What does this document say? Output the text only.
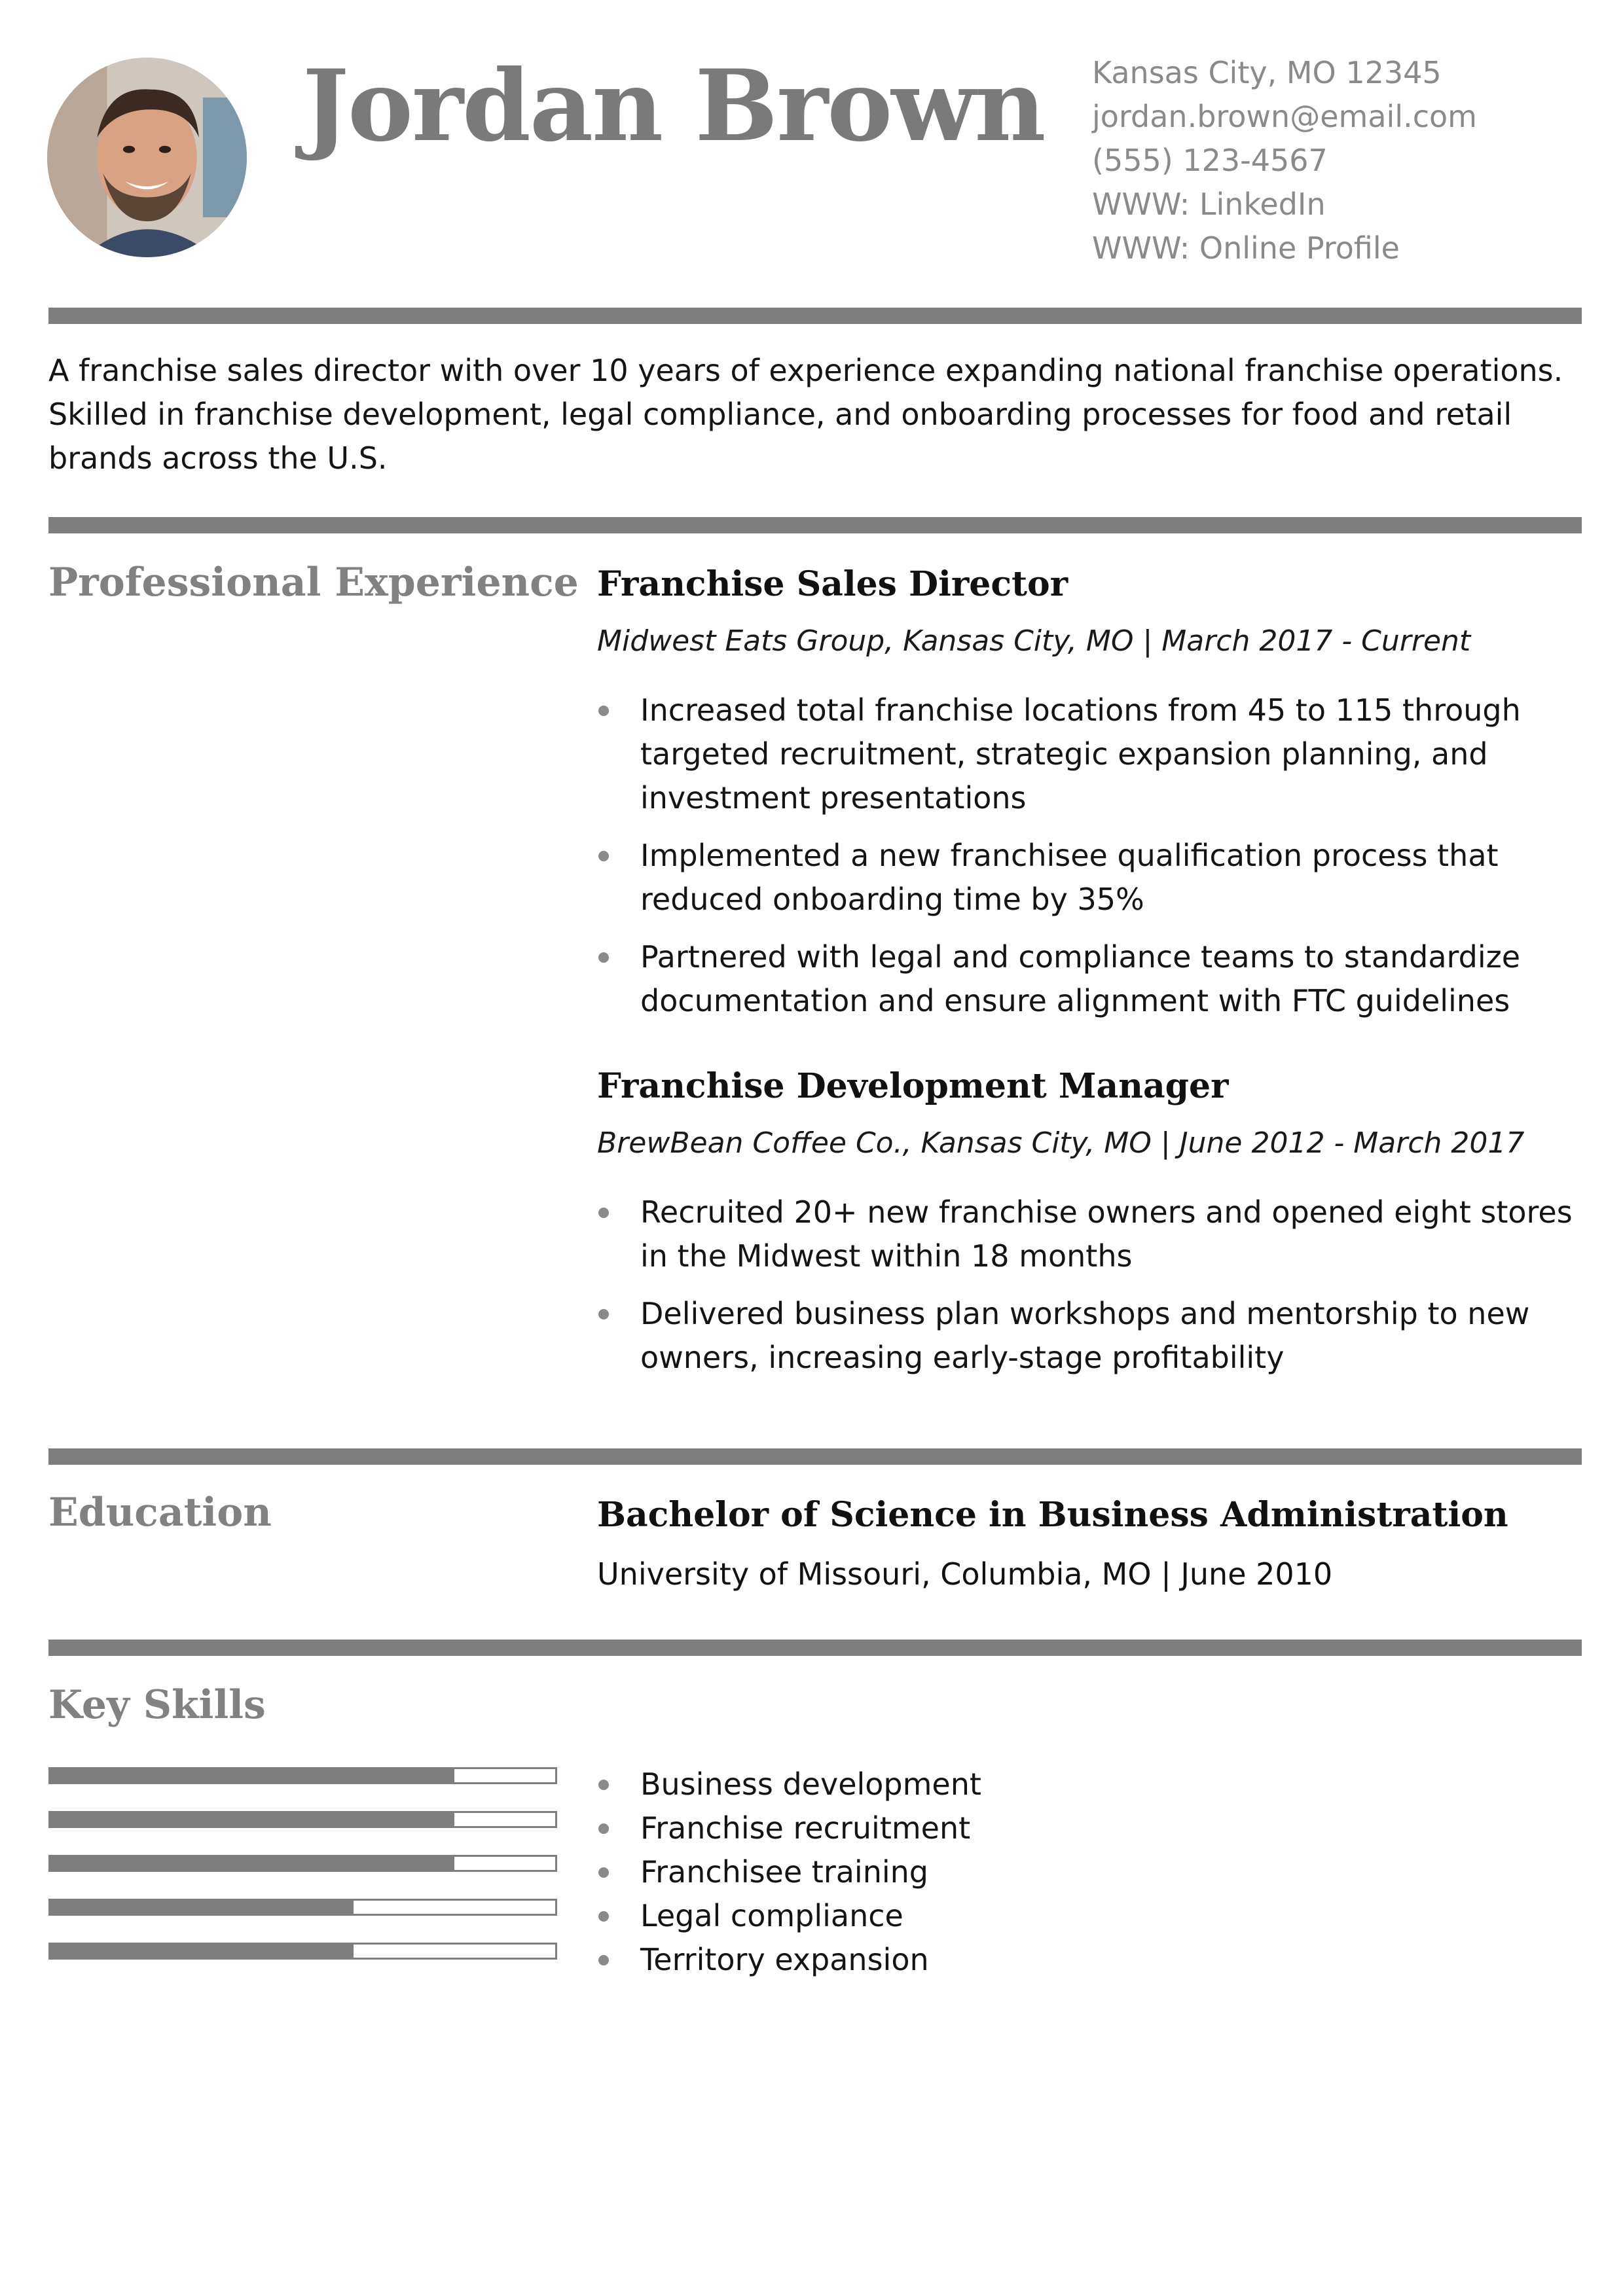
Jordan Brown Kansas City, MO 12345
jordan.brown@email.com
(555) 123-4567
WWW: LinkedIn
WWW: Online Profile
A franchise sales director with over 10 years of experience expanding national franchise operations. Skilled in franchise development, legal compliance, and onboarding processes for food and retail brands across the U.S.
Professional Experience Franchise Sales Director
Midwest Eats Group, Kansas City, MO | March 2017 - Current
Increased total franchise locations from 45 to 115 through targeted recruitment, strategic expansion planning, and investment presentations
Implemented a new franchisee qualification process that reduced onboarding time by 35%
Partnered with legal and compliance teams to standardize documentation and ensure alignment with FTC guidelines
Franchise Development Manager
BrewBean Coffee Co., Kansas City, MO | June 2012 - March 2017
Recruited 20+ new franchise owners and opened eight stores in the Midwest within 18 months
Delivered business plan workshops and mentorship to new owners, increasing early-stage profitability
Education	Bachelor of Science in Business Administration
University of Missouri, Columbia, MO | June 2010
Key Skills
Business development
Franchise recruitment
Franchisee training
Legal compliance
Territory expansion
